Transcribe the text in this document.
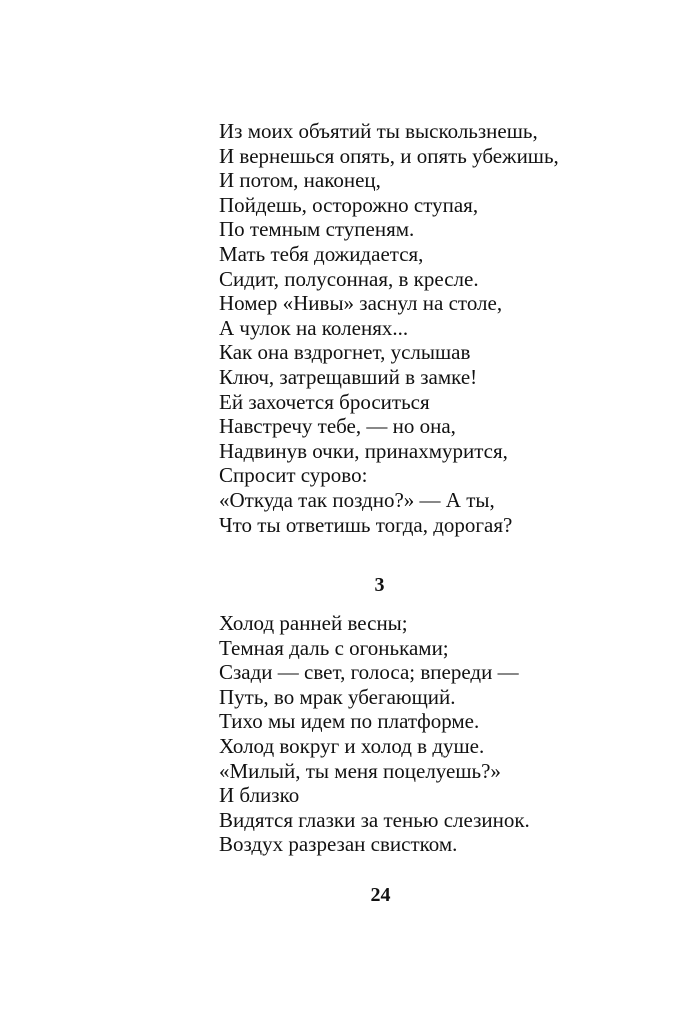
Из моих объятий ты выскользнешь,
И вернешься опять, и опять убежишь,
И потом, наконец,
Пойдешь, осторожно ступая,
По темным ступеням.
Мать тебя дожидается,
Сидит, полусонная, в кресле.
Номер «Нивы» заснул на столе,
А чулок на коленях...
Как она вздрогнет, услышав
Ключ, затрещавший в замке!
Ей захочется броситься
Навстречу тебе, — но она,
Надвинув очки, принахмурится,
Спросит сурово:
«Откуда так поздно?» — А ты,
Что ты ответишь тогда, дорогая?
3
Холод ранней весны;
Темная даль с огоньками;
Сзади — свет, голоса; впереди —
Путь, во мрак убегающий.
Тихо мы идем по платформе.
Холод вокруг и холод в душе.
«Милый, ты меня поцелуешь?»
И близко
Видятся глазки за тенью слезинок.
Воздух разрезан свистком.
24
